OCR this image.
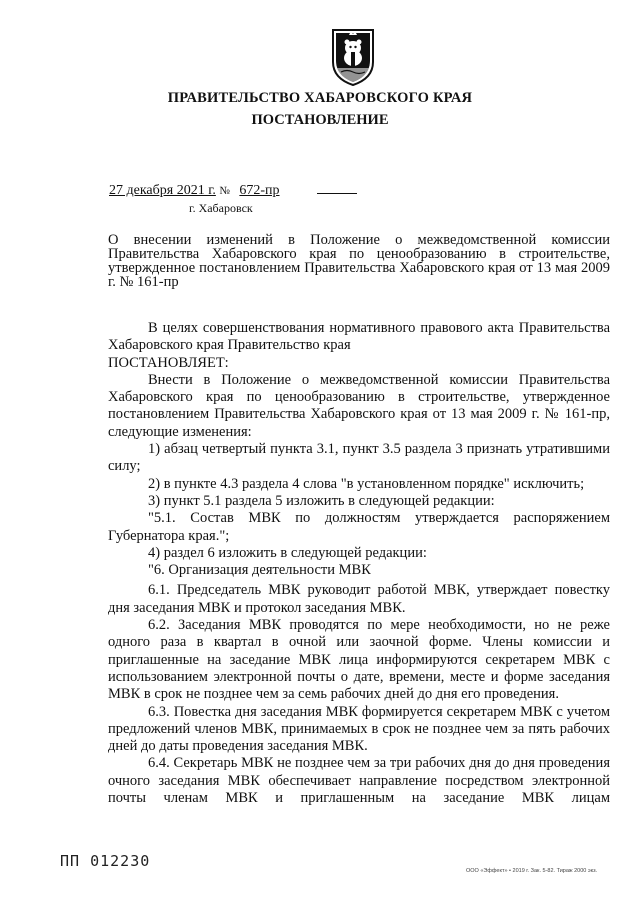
ПРАВИТЕЛЬСТВО ХАБАРОВСКОГО КРАЯ
ПОСТАНОВЛЕНИЕ
27 декабря 2021 г. № 672-пр
г. Хабаровск
О внесении изменений в Положение о межведомственной комиссии Правительства Хабаровского края по ценообразованию в строительстве, утвержденное постановлением Правительства Хабаровского края от 13 мая 2009 г. № 161-пр

В целях совершенствования нормативного правового акта Правительства Хабаровского края Правительство края

ПОСТАНОВЛЯЕТ:

Внести в Положение о межведомственной комиссии Правительства Хабаровского края по ценообразованию в строительстве, утвержденное постановлением Правительства Хабаровского края от 13 мая 2009 г. № 161-пр, следующие изменения:

1) абзац четвертый пункта 3.1, пункт 3.5 раздела 3 признать утратившими силу;

2) в пункте 4.3 раздела 4 слова "в установленном порядке" исключить;

3) пункт 5.1 раздела 5 изложить в следующей редакции:

"5.1. Состав МВК по должностям утверждается распоряжением Губернатора края.";

4) раздел 6 изложить в следующей редакции:

"6. Организация деятельности МВК

6.1. Председатель МВК руководит работой МВК, утверждает повестку дня заседания МВК и протокол заседания МВК.

6.2. Заседания МВК проводятся по мере необходимости, но не реже одного раза в квартал в очной или заочной форме. Члены комиссии и приглашенные на заседание МВК лица информируются секретарем МВК с использованием электронной почты о дате, времени, месте и форме заседания МВК в срок не позднее чем за семь рабочих дней до дня его проведения.

6.3. Повестка дня заседания МВК формируется секретарем МВК с учетом предложений членов МВК, принимаемых в срок не позднее чем за пять рабочих дней до даты проведения заседания МВК.

6.4. Секретарь МВК не позднее чем за три рабочих дня до дня проведения очного заседания МВК обеспечивает направление посредством электронной почты членам МВК и приглашенным на заседание МВК лицам

ПП 012230
ООО «Эффект» • 2019 г. Зак. 5-82. Тираж 2000 экз.
